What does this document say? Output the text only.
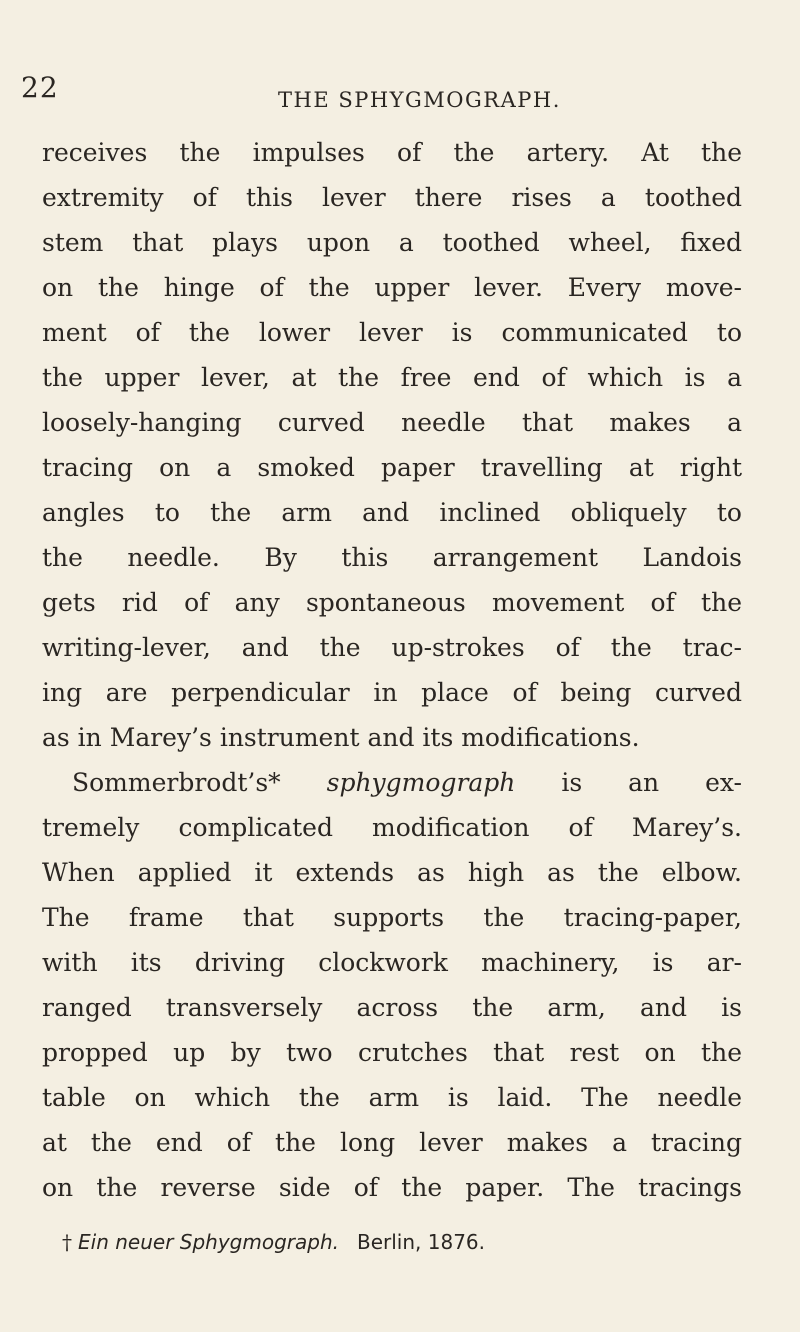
22	THE SPHYGMOGRAPH.
receives the impulses of the artery. At the
extremity of this lever there rises a toothed
stem that plays upon a toothed wheel, fixed
on the hinge of the upper lever. Every move-
ment of the lower lever is communicated to
the upper lever, at the free end of which is a
loosely-hanging curved needle that makes a
tracing on a smoked paper travelling at right
angles to the arm and inclined obliquely to
the needle. By this arrangement Landois
gets rid of any spontaneous movement of the
writing-lever, and the up-strokes of the trac-
ing are perpendicular in place of being curved
as in Marey’s instrument and its modifications.
Sommerbrodt’s* sphygmograph is an ex-
tremely complicated modification of Marey’s.
When applied it extends as high as the elbow.
The frame that supports the tracing-paper,
with its driving clockwork machinery, is ar-
ranged transversely across the arm, and is
propped up by two crutches that rest on the
table on which the arm is laid. The needle
at the end of the long lever makes a tracing
on the reverse side of the paper. The tracings
† Ein neuer Sphygmograph. Berlin, 1876.
